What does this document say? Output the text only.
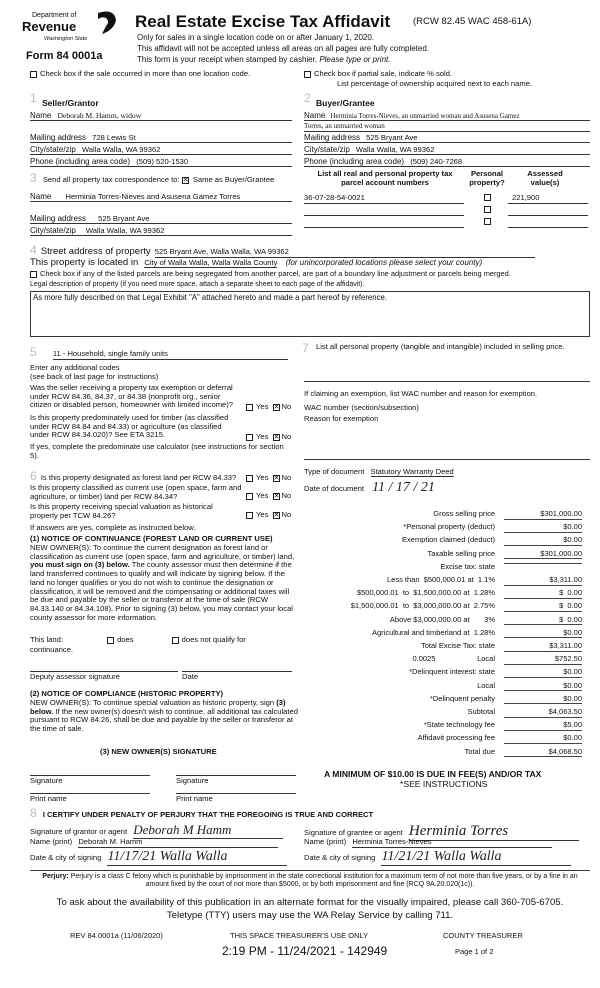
Department of
Revenue
Washington State
Form 84 0001a
Real Estate Excise Tax Affidavit (RCW 82.45 WAC 458-61A)
Only for sales in a single location code on or after January 1, 2020.
This affidavit will not be accepted unless all areas on all pages are fully completed.
This form is your receipt when stamped by cashier. Please type or print.
Check box if the sale occurred in more than one location code.	Check box if partial sale, indicate % sold.
List percentage of ownership acquired next to each name.
1 Seller/Grantor
Name Deborah M. Hamm, widow
Mailing address 728 Lewis St
City/state/zip Walla Walla, WA 99362
Phone (including area code) (509) 520-1530
2 Buyer/Grantee
Name Herminia Torres-Nieves, an unmarried woman and Asusena Gamez
Torres, an unmarried woman
Mailing address 525 Bryant Ave
City/state/zip Walla Walla, WA 99362
Phone (including area code) (509) 240-7268
3 Send all property tax correspondence to: ✕ Same as Buyer/Grantee
Name Herminia Torres-Nieves and Asusena Gamez Torres
Mailing address 525 Bryant Ave
City/state/zip Walla Walla, WA 99362
List all real and personal property tax parcel account numbers
Personal property?
Assessed value(s)
36-07-28-54-0021	221,900
4 Street address of property 525 Bryant Ave, Walla Walla, WA 99362
This property is located in City of Walla Walla, Walla Walla County (for unincorporated locations please select your county)
Check box if any of the listed parcels are being segregated from another parcel, are part of a boundary line adjustment or parcels being merged.
Legal description of property (if you need more space, attach a separate sheet to each page of the affidavit).
As more fully described on that Legal Exhibit "A" attached hereto and made a part hereof by reference.
5 11 - Household, single family units
Enter any additional codes
(see back of last page for instructions)
Was the seller receiving a property tax exemption or deferral under RCW 84.36, 84.37, or 84.38 (nonprofit org., senior citizen or disabled person, homeowner with limited income)?	Yes ✕ No
Is this property predominately used for timber (as classified under RCW 84.84 and 84.33) or agriculture (as classified under RCW 84.34.020)? See ETA 3215.	Yes ✕ No
If yes, complete the predominate use calculator (see instructions for section 5).
7 List all personal property (tangible and intangible) included in selling price.
If claiming an exemption, list WAC number and reason for exemption.
WAC number (section/subsection)
Reason for exemption
6 Is this property designated as forest land per RCW 84.33?	Yes ✕ No
Is this property classified as current use (open space, farm and agriculture, or timber) land per RCW 84.34?	Yes ✕ No
Is this property receiving special valuation as historical property per TCW 84.26?	Yes ✕ No
If answers are yes, complete as instructed below.
(1) NOTICE OF CONTINUANCE (FOREST LAND OR CURRENT USE)
NEW OWNER(S): To continue the current designation as forest land or classification as current use (open space, farm and agriculture, or timber) land, you must sign on (3) below. The county assessor must then determine if the land transferred continues to qualify and will indicate by signing below. If the land no longer qualifies or you do not wish to continue the designation or classification, it will be removed and the compensating or additional taxes will be due and payable by the seller or transferor at the time of sale (RCW 84.33.140 or 84.34.108). Prior to signing (3) below, you may contact your local county assessor for more information.
This land:	does	does not qualify for
continuance.
Deputy assessor signature	Date
(2) NOTICE OF COMPLIANCE (HISTORIC PROPERTY)
NEW OWNER(S): To continue special valuation as historic property, sign (3) below. If the new owner(s) doesn't wish to continue, all additional tax calculated pursuant to RCW 84.26, shall be due and payable by the seller or transferor at the time of sale.
(3) NEW OWNER(S) SIGNATURE
Signature	Signature
Print name	Print name
Type of document Statutory Warranty Deed
Date of document 11 / 17 / 21
Gross selling price	$301,000.00
*Personal property (deduct)	$0.00
Exemption claimed (deduct)	$0.00
Taxable selling price	$301,000.00
Excise tax: state
Less than  $500,000.01 at  1.1%	$3,311.00
$500,000.01  to  $1,500,000.00 at  1.28%	$  0.00
$1,500,000.01  to  $3,000,000.00 at  2.75%	$  0.00
Above $3,000,000.00 at       3%	$  0.00
Agricultural and timberland at  1.28%	$0.00
Total Excise Tax: state	$3,311.00
0.0025                    Local	$752.50
*Delinquent interest: state	$0.00
Local	$0.00
*Delinquent penalty	$0.00
Subtotal	$4,063.50
*State technology fee	$5.00
Affidavit processing fee	$0.00
Total due	$4,068.50
A MINIMUM OF $10.00 IS DUE IN FEE(S) AND/OR TAX
*SEE INSTRUCTIONS
8 I CERTIFY UNDER PENALTY OF PERJURY THAT THE FOREGOING IS TRUE AND CORRECT
Signature of grantor or agent Deborah M Hamm
Name (print) Deborah M. Hamm
Date & city of signing 11/17/21 Walla Walla
Signature of grantee or agent Herminia Torres
Name (print) Herminia Torres-Nieves
Date & city of signing 11/21/21 Walla Walla
Perjury: Perjury is a class C felony which is punishable by imprisonment in the state correctional institution for a maximum term of not more than five years, or by a fine in an amount fixed by the court of not more than $5000, or by both imprisonment and fine (RCQ 9A.20.020(1c)).
To ask about the availability of this publication in an alternate format for the visually impaired, please call 360-705-6705.
Teletype (TTY) users may use the WA Relay Service by calling 711.
REV 84 0001a (11/06/2020)	THIS SPACE TREASURER'S USE ONLY	COUNTY TREASURER
2:19 PM - 11/24/2021 - 142949	Page 1 of 2
